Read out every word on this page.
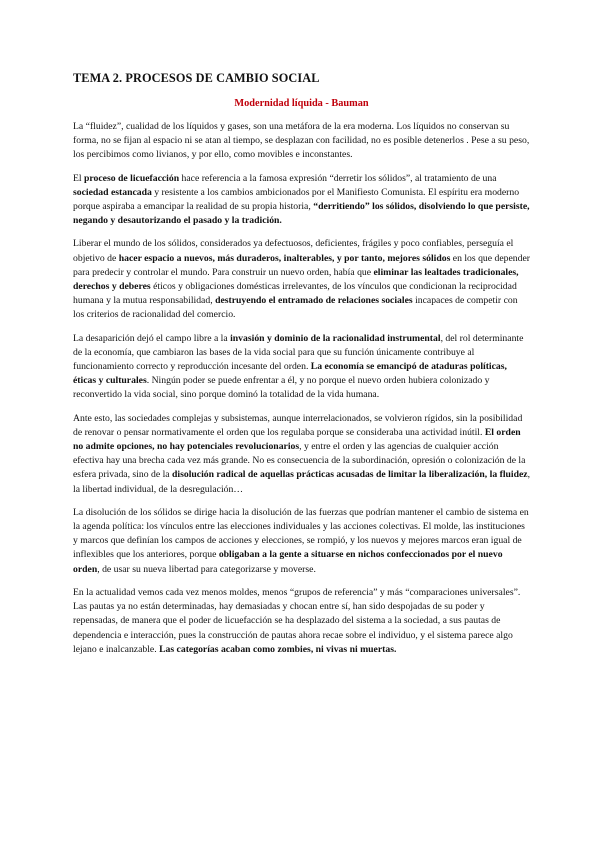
TEMA 2. PROCESOS DE CAMBIO SOCIAL
Modernidad líquida - Bauman

La “fluidez”, cualidad de los líquidos y gases, son una metáfora de la era moderna. Los líquidos no conservan su forma, no se fijan al espacio ni se atan al tiempo, se desplazan con facilidad, no es posible detenerlos . Pese a su peso, los percibimos como livianos, y por ello, como movibles e inconstantes.

El proceso de licuefacción hace referencia a la famosa expresión “derretir los sólidos”, al tratamiento de una sociedad estancada y resistente a los cambios ambicionados por el Manifiesto Comunista. El espíritu era moderno porque aspiraba a emancipar la realidad de su propia historia, “derritiendo” los sólidos, disolviendo lo que persiste, negando y desautorizando el pasado y la tradición.

Liberar el mundo de los sólidos, considerados ya defectuosos, deficientes, frágiles y poco confiables, perseguía el objetivo de hacer espacio a nuevos, más duraderos, inalterables, y por tanto, mejores sólidos en los que depender para predecir y controlar el mundo. Para construir un nuevo orden, había que eliminar las lealtades tradicionales, derechos y deberes éticos y obligaciones domésticas irrelevantes, de los vínculos que condicionan la reciprocidad humana y la mutua responsabilidad, destruyendo el entramado de relaciones sociales incapaces de competir con los criterios de racionalidad del comercio.

La desaparición dejó el campo libre a la invasión y dominio de la racionalidad instrumental, del rol determinante de la economía, que cambiaron las bases de la vida social para que su función únicamente contribuye al funcionamiento correcto y reproducción incesante del orden. La economía se emancipó de ataduras políticas, éticas y culturales. Ningún poder se puede enfrentar a él, y no porque el nuevo orden hubiera colonizado y reconvertido la vida social, sino porque dominó la totalidad de la vida humana.

Ante esto, las sociedades complejas y subsistemas, aunque interrelacionados, se volvieron rígidos, sin la posibilidad de renovar o pensar normativamente el orden que los regulaba porque se consideraba una actividad inútil. El orden no admite opciones, no hay potenciales revolucionarios, y entre el orden y las agencias de cualquier acción efectiva hay una brecha cada vez más grande. No es consecuencia de la subordinación, opresión o colonización de la esfera privada, sino de la disolución radical de aquellas prácticas acusadas de limitar la liberalización, la fluidez, la libertad individual, de la desregulación…

La disolución de los sólidos se dirige hacia la disolución de las fuerzas que podrían mantener el cambio de sistema en la agenda política: los vínculos entre las elecciones individuales y las acciones colectivas. El molde, las instituciones y marcos que definían los campos de acciones y elecciones, se rompió, y los nuevos y mejores marcos eran igual de inflexibles que los anteriores, porque obligaban a la gente a situarse en nichos confeccionados por el nuevo orden, de usar su nueva libertad para categorizarse y moverse.

En la actualidad vemos cada vez menos moldes, menos “grupos de referencia” y más “comparaciones universales”. Las pautas ya no están determinadas, hay demasiadas y chocan entre sí, han sido despojadas de su poder y repensadas, de manera que el poder de licuefacción se ha desplazado del sistema a la sociedad, a sus pautas de dependencia e interacción, pues la construcción de pautas ahora recae sobre el individuo, y el sistema parece algo lejano e inalcanzable. Las categorías acaban como zombies, ni vivas ni muertas.
